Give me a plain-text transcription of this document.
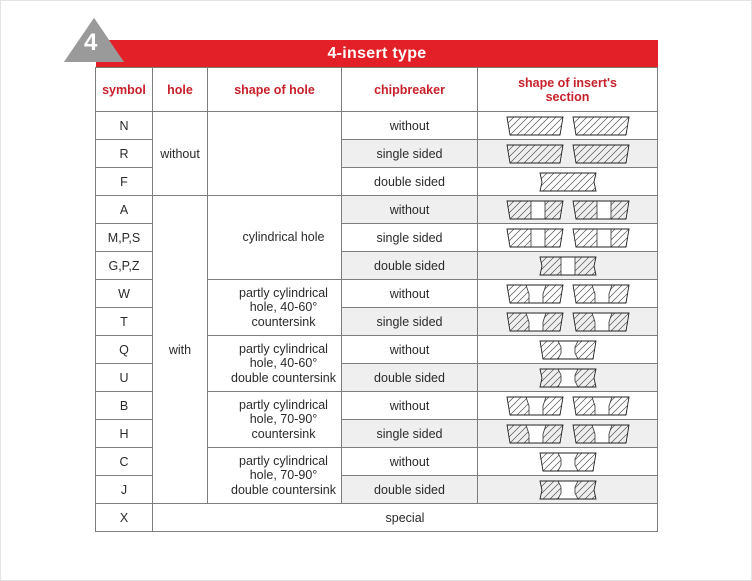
4	4-insert type
symbol	hole	shape of hole	chipbreaker	shape of insert's
section
N	without		without	

R			single sided	

F			double sided	

A	with	cylindrical hole	without	

M,P,S			single sided	

G,P,Z			double sided	

W		partly cylindrical
hole, 40-60°
countersink	without	

T			single sided	

Q		partly cylindrical
hole, 40-60°
double countersink	without	

U			double sided	

B		partly cylindrical
hole, 70-90°
countersink	without	

H			single sided	

C		partly cylindrical
hole, 70-90°
double countersink	without	

J			double sided	

X	special			
